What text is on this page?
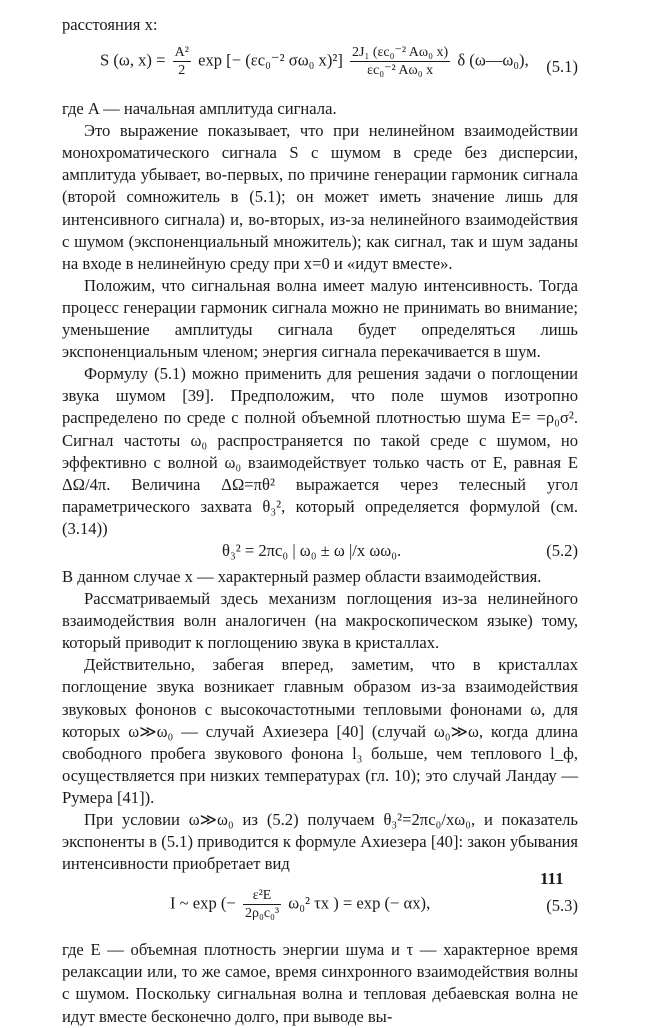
расстояния x:

S (ω, $x) = \frac{\text{A²}}{2}$ exp [− (εc₀⁻² σω₀ $x)^2] \frac{\text{2J₁ (εc₀⁻² Aω₀ x)}}{\text{εc₀⁻² Aω₀ x}}$ δ (ω—ω₀), (5.1)

где A — начальная амплитуда сигнала.

Это выражение показывает, что при нелинейном взаимодействии монохроматического сигнала S с шумом в среде без дисперсии, амплитуда убывает, во-первых, по причине генерации гармоник сигнала (второй сомножитель в (5.1); он может иметь значение лишь для интенсивного сигнала) и, во-вторых, из-за нелинейного взаимодействия с шумом (экспоненциальный множитель); как сигнал, так и шум заданы на входе в нелинейную среду при x=0 и «идут вместе».

Положим, что сигнальная волна имеет малую интенсивность. Тогда процесс генерации гармоник сигнала можно не принимать во внимание; уменьшение амплитуды сигнала будет определяться лишь экспоненциальным членом; энергия сигнала перекачивается в шум.

Формулу (5.1) можно применить для решения задачи о поглощении звука шумом [39]. Предположим, что поле шумов изотропно распределено по среде с полной объемной плотностью шума E= =ρ₀σ². Сигнал частоты ω₀ распространяется по такой среде с шумом, но эффективно с волной ω₀ взаимодействует только часть от E, равная E ΔΩ/4π. Величина ΔΩ=πθ² выражается через телесный угол параметрического захвата θ₃², который определяется формулой (см. (3.14))

θ₃² = 2πc₀ | ω₀ ± ω |/x ωω₀.	(5.2)

В данном случае x — характерный размер области взаимодействия.

Рассматриваемый здесь механизм поглощения из-за нелинейного взаимодействия волн аналогичен (на макроскопическом языке) тому, который приводит к поглощению звука в кристаллах.

Действительно, забегая вперед, заметим, что в кристаллах поглощение звука возникает главным образом из-за взаимодействия звуковых фононов с высокочастотными тепловыми фононами ω, для которых ω≫ω₀ — случай Ахиезера [40] (случай ω₀≫ω, когда длина свободного пробега звукового фонона l₃ больше, чем теплового l_ф, осуществляется при низких температурах (гл. 10); это случай Ландау — Румера [41]).

При условии ω≫ω₀ из (5.2) получаем θ₃²=2πc₀/xω₀, и показатель экспоненты в (5.1) приводится к формуле Ахиезера [40]: закон убывания интенсивности приобретает вид

I ~ exp (− $\frac{\text{ε²E}}{\text{2ρ₀c₀³}} \omega_0^2$ τx ) = exp (− αx),	(5.3)

где E — объемная плотность энергии шума и τ — характерное время релаксации или, то же самое, время синхронного взаимодействия волны с шумом. Поскольку сигнальная волна и тепловая дебаевская волна не идут вместе бесконечно долго, при выводе вы-

111
